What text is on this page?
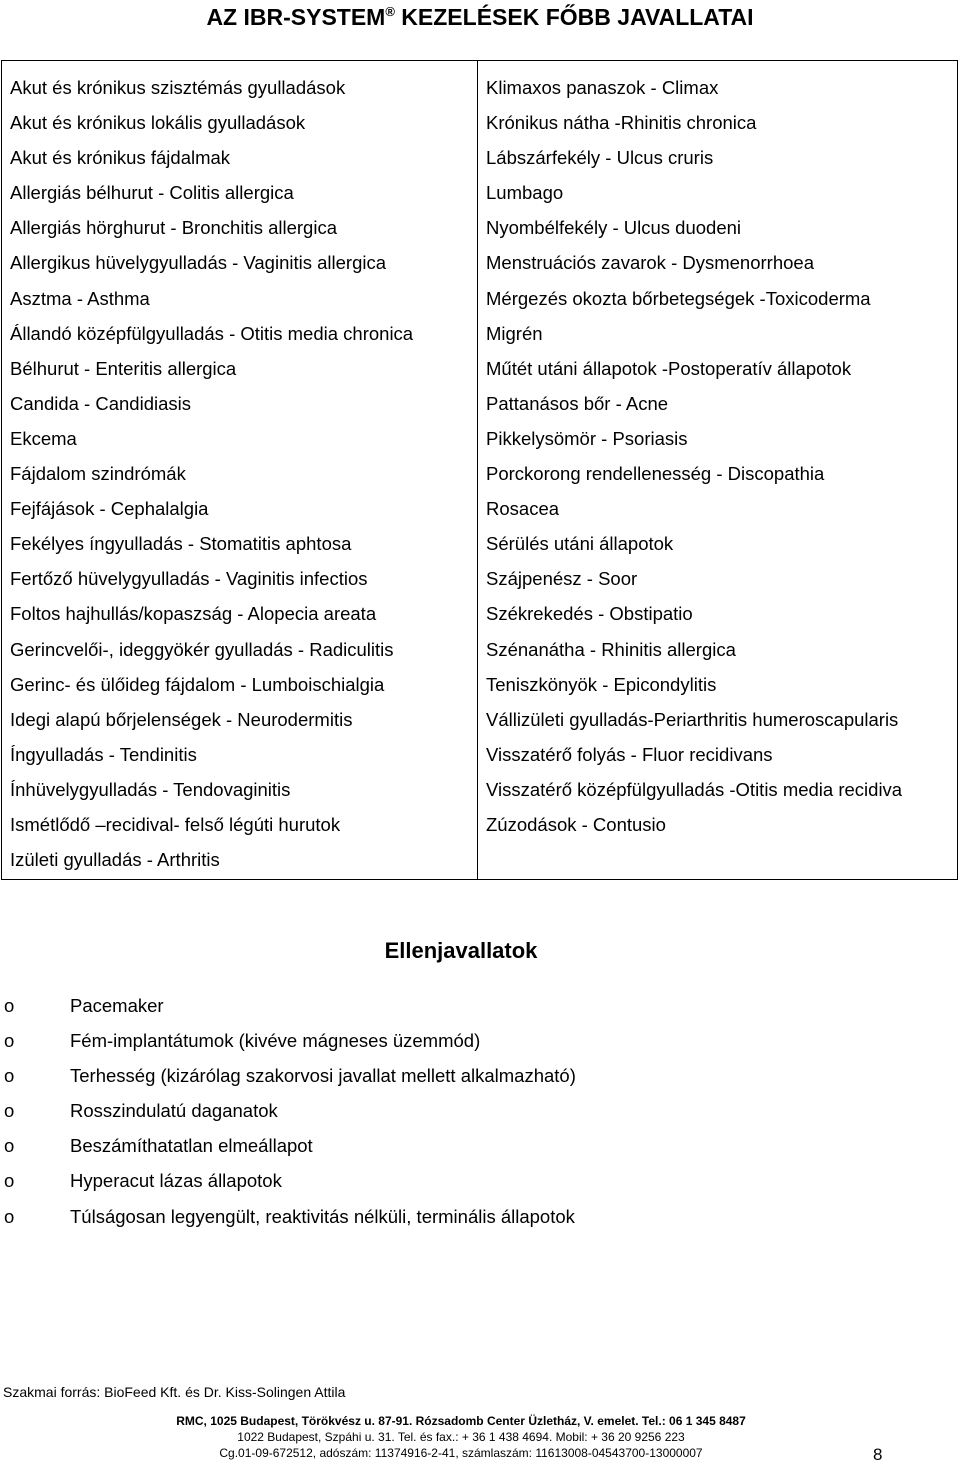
AZ IBR-SYSTEM® KEZELÉSEK FŐBB JAVALLATAI
Akut és krónikus szisztémás gyulladások
Akut és krónikus lokális gyulladások
Akut és krónikus fájdalmak
Allergiás bélhurut - Colitis allergica
Allergiás hörghurut - Bronchitis allergica
Allergikus hüvelygyulladás - Vaginitis allergica
Asztma - Asthma
Állandó középfülgyulladás - Otitis media chronica
Bélhurut - Enteritis allergica
Candida - Candidiasis
Ekcema
Fájdalom szindrómák
Fejfájások - Cephalalgia
Fekélyes íngyulladás - Stomatitis aphtosa
Fertőző hüvelygyulladás - Vaginitis infectios
Foltos hajhullás/kopaszság - Alopecia areata
Gerincvelői-, ideggyökér gyulladás - Radiculitis
Gerinc- és ülőideg fájdalom - Lumboischialgia
Idegi alapú bőrjelenségek - Neurodermitis
Íngyulladás - Tendinitis
Ínhüvelygyulladás - Tendovaginitis
Ismétlődő –recidival- felső légúti hurutok
Izületi gyulladás - Arthritis
Klimaxos panaszok - Climax
Krónikus nátha -Rhinitis chronica
Lábszárfekély - Ulcus cruris
Lumbago
Nyombélfekély - Ulcus duodeni
Menstruációs zavarok - Dysmenorrhoea
Mérgezés okozta bőrbetegségek -Toxicoderma
Migrén
Műtét utáni állapotok -Postoperatív állapotok
Pattanásos bőr - Acne
Pikkelysömör - Psoriasis
Porckorong rendellenesség - Discopathia
Rosacea
Sérülés utáni állapotok
Szájpenész - Soor
Székrekedés - Obstipatio
Szénanátha - Rhinitis allergica
Teniszkönyök - Epicondylitis
Vállizületi gyulladás-Periarthritis humeroscapularis
Visszatérő folyás - Fluor recidivans
Visszatérő középfülgyulladás -Otitis media recidiva
Zúzodások - Contusio
Ellenjavallatok
o	Pacemaker
o	Fém-implantátumok (kivéve mágneses üzemmód)
o	Terhesség (kizárólag szakorvosi javallat mellett alkalmazható)
o	Rosszindulatú daganatok
o	Beszámíthatatlan elmeállapot
o	Hyperacut lázas állapotok
o	Túlságosan legyengült, reaktivitás nélküli, terminális állapotok
Szakmai forrás: BioFeed Kft. és Dr. Kiss-Solingen Attila
RMC, 1025 Budapest, Törökvész u. 87-91. Rózsadomb Center Üzletház, V. emelet. Tel.: 06 1 345 8487
1022 Budapest, Szpáhi u. 31. Tel. és fax.: + 36 1 438 4694. Mobil: + 36 20 9256 223
Cg.01-09-672512, adószám: 11374916-2-41, számlaszám: 11613008-04543700-13000007	8
